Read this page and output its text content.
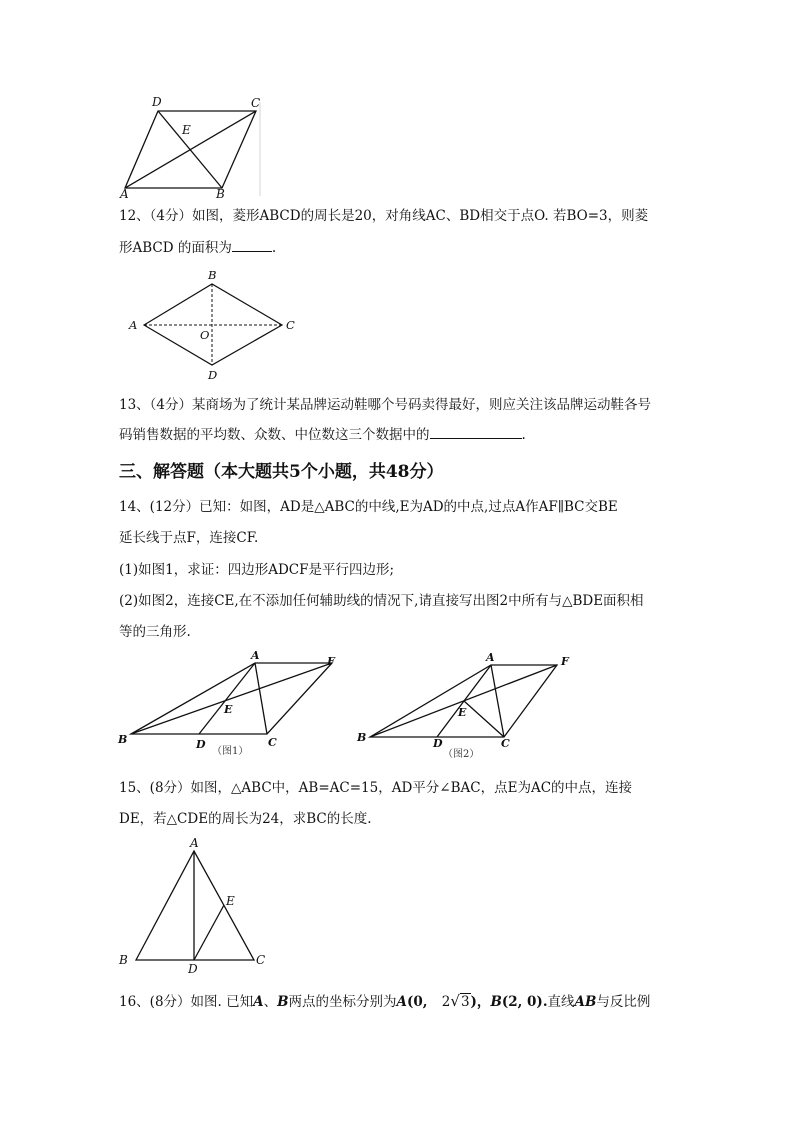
D	C
E
A	B
12、（4分）如图，菱形ABCD的周长是20，对角线AC、BD相交于点O. 若BO=3，则菱
形ABCD 的面积为	.
B
A	C
O
D
13、（4分）某商场为了统计某品牌运动鞋哪个号码卖得最好，则应关注该品牌运动鞋各号
码销售数据的平均数、众数、中位数这三个数据中的	.
三、解答题（本大题共5个小题，共48分）
14、(12分）已知：如图，AD是△ABC的中线,E为AD的中点,过点A作AF∥BC交BE
延长线于点F，连接CF.
(1)如图1，求证：四边形ADCF是平行四边形;
(2)如图2，连接CE,在不添加任何辅助线的情况下,请直接写出图2中所有与△BDE面积相
等的三角形.
A	F
E
B	D	C
（图1）
A	F
E
B	D	C
（图2）
15、(8分）如图，△ABC中，AB=AC=15，AD平分∠BAC，点E为AC的中点，连接
DE，若△CDE的周长为24，求BC的长度.
A
E
B
D
C
16、(8分）如图. 已知A、B两点的坐标分别为A(0, 2√3)，B(2, 0).直线AB与反比例
